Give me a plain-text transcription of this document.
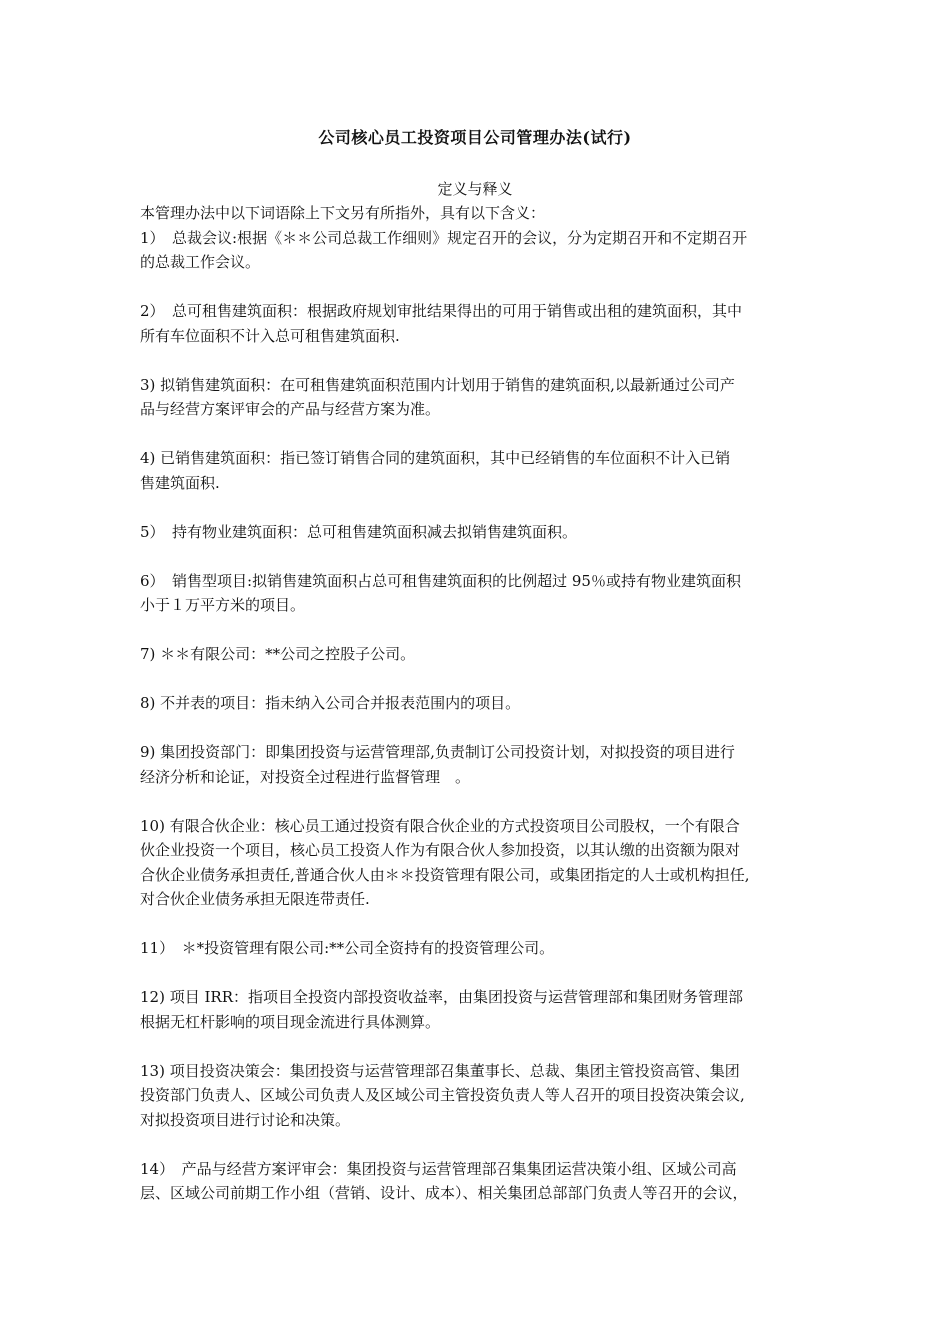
公司核心员工投资项目公司管理办法(试行)
定义与释义
本管理办法中以下词语除上下文另有所指外，具有以下含义：
1）　总裁会议:根据《＊＊公司总裁工作细则》规定召开的会议，分为定期召开和不定期召开
的总裁工作会议。
2）　总可租售建筑面积：根据政府规划审批结果得出的可用于销售或出租的建筑面积，其中
所有车位面积不计入总可租售建筑面积.
3) 拟销售建筑面积：在可租售建筑面积范围内计划用于销售的建筑面积,以最新通过公司产
品与经营方案评审会的产品与经营方案为准。
4) 已销售建筑面积：指已签订销售合同的建筑面积，其中已经销售的车位面积不计入已销
售建筑面积.
5）　持有物业建筑面积：总可租售建筑面积减去拟销售建筑面积。
6）　销售型项目:拟销售建筑面积占总可租售建筑面积的比例超过 95％或持有物业建筑面积
小于１万平方米的项目。
7) ＊＊有限公司：**公司之控股子公司。
8) 不并表的项目：指未纳入公司合并报表范围内的项目。
9) 集团投资部门：即集团投资与运营管理部,负责制订公司投资计划，对拟投资的项目进行
经济分析和论证，对投资全过程进行监督管理　。
10) 有限合伙企业：核心员工通过投资有限合伙企业的方式投资项目公司股权，一个有限合
伙企业投资一个项目，核心员工投资人作为有限合伙人参加投资，以其认缴的出资额为限对
合伙企业债务承担责任,普通合伙人由＊＊投资管理有限公司，或集团指定的人士或机构担任,
对合伙企业债务承担无限连带责任.
11）　＊*投资管理有限公司:**公司全资持有的投资管理公司。
12) 项目 IRR：指项目全投资内部投资收益率，由集团投资与运营管理部和集团财务管理部
根据无杠杆影响的项目现金流进行具体测算。
13) 项目投资决策会：集团投资与运营管理部召集董事长、总裁、集团主管投资高管、集团
投资部门负责人、区域公司负责人及区域公司主管投资负责人等人召开的项目投资决策会议,
对拟投资项目进行讨论和决策。
14）　产品与经营方案评审会：集团投资与运营管理部召集集团运营决策小组、区域公司高
层、区域公司前期工作小组（营销、设计、成本）、相关集团总部部门负责人等召开的会议，
